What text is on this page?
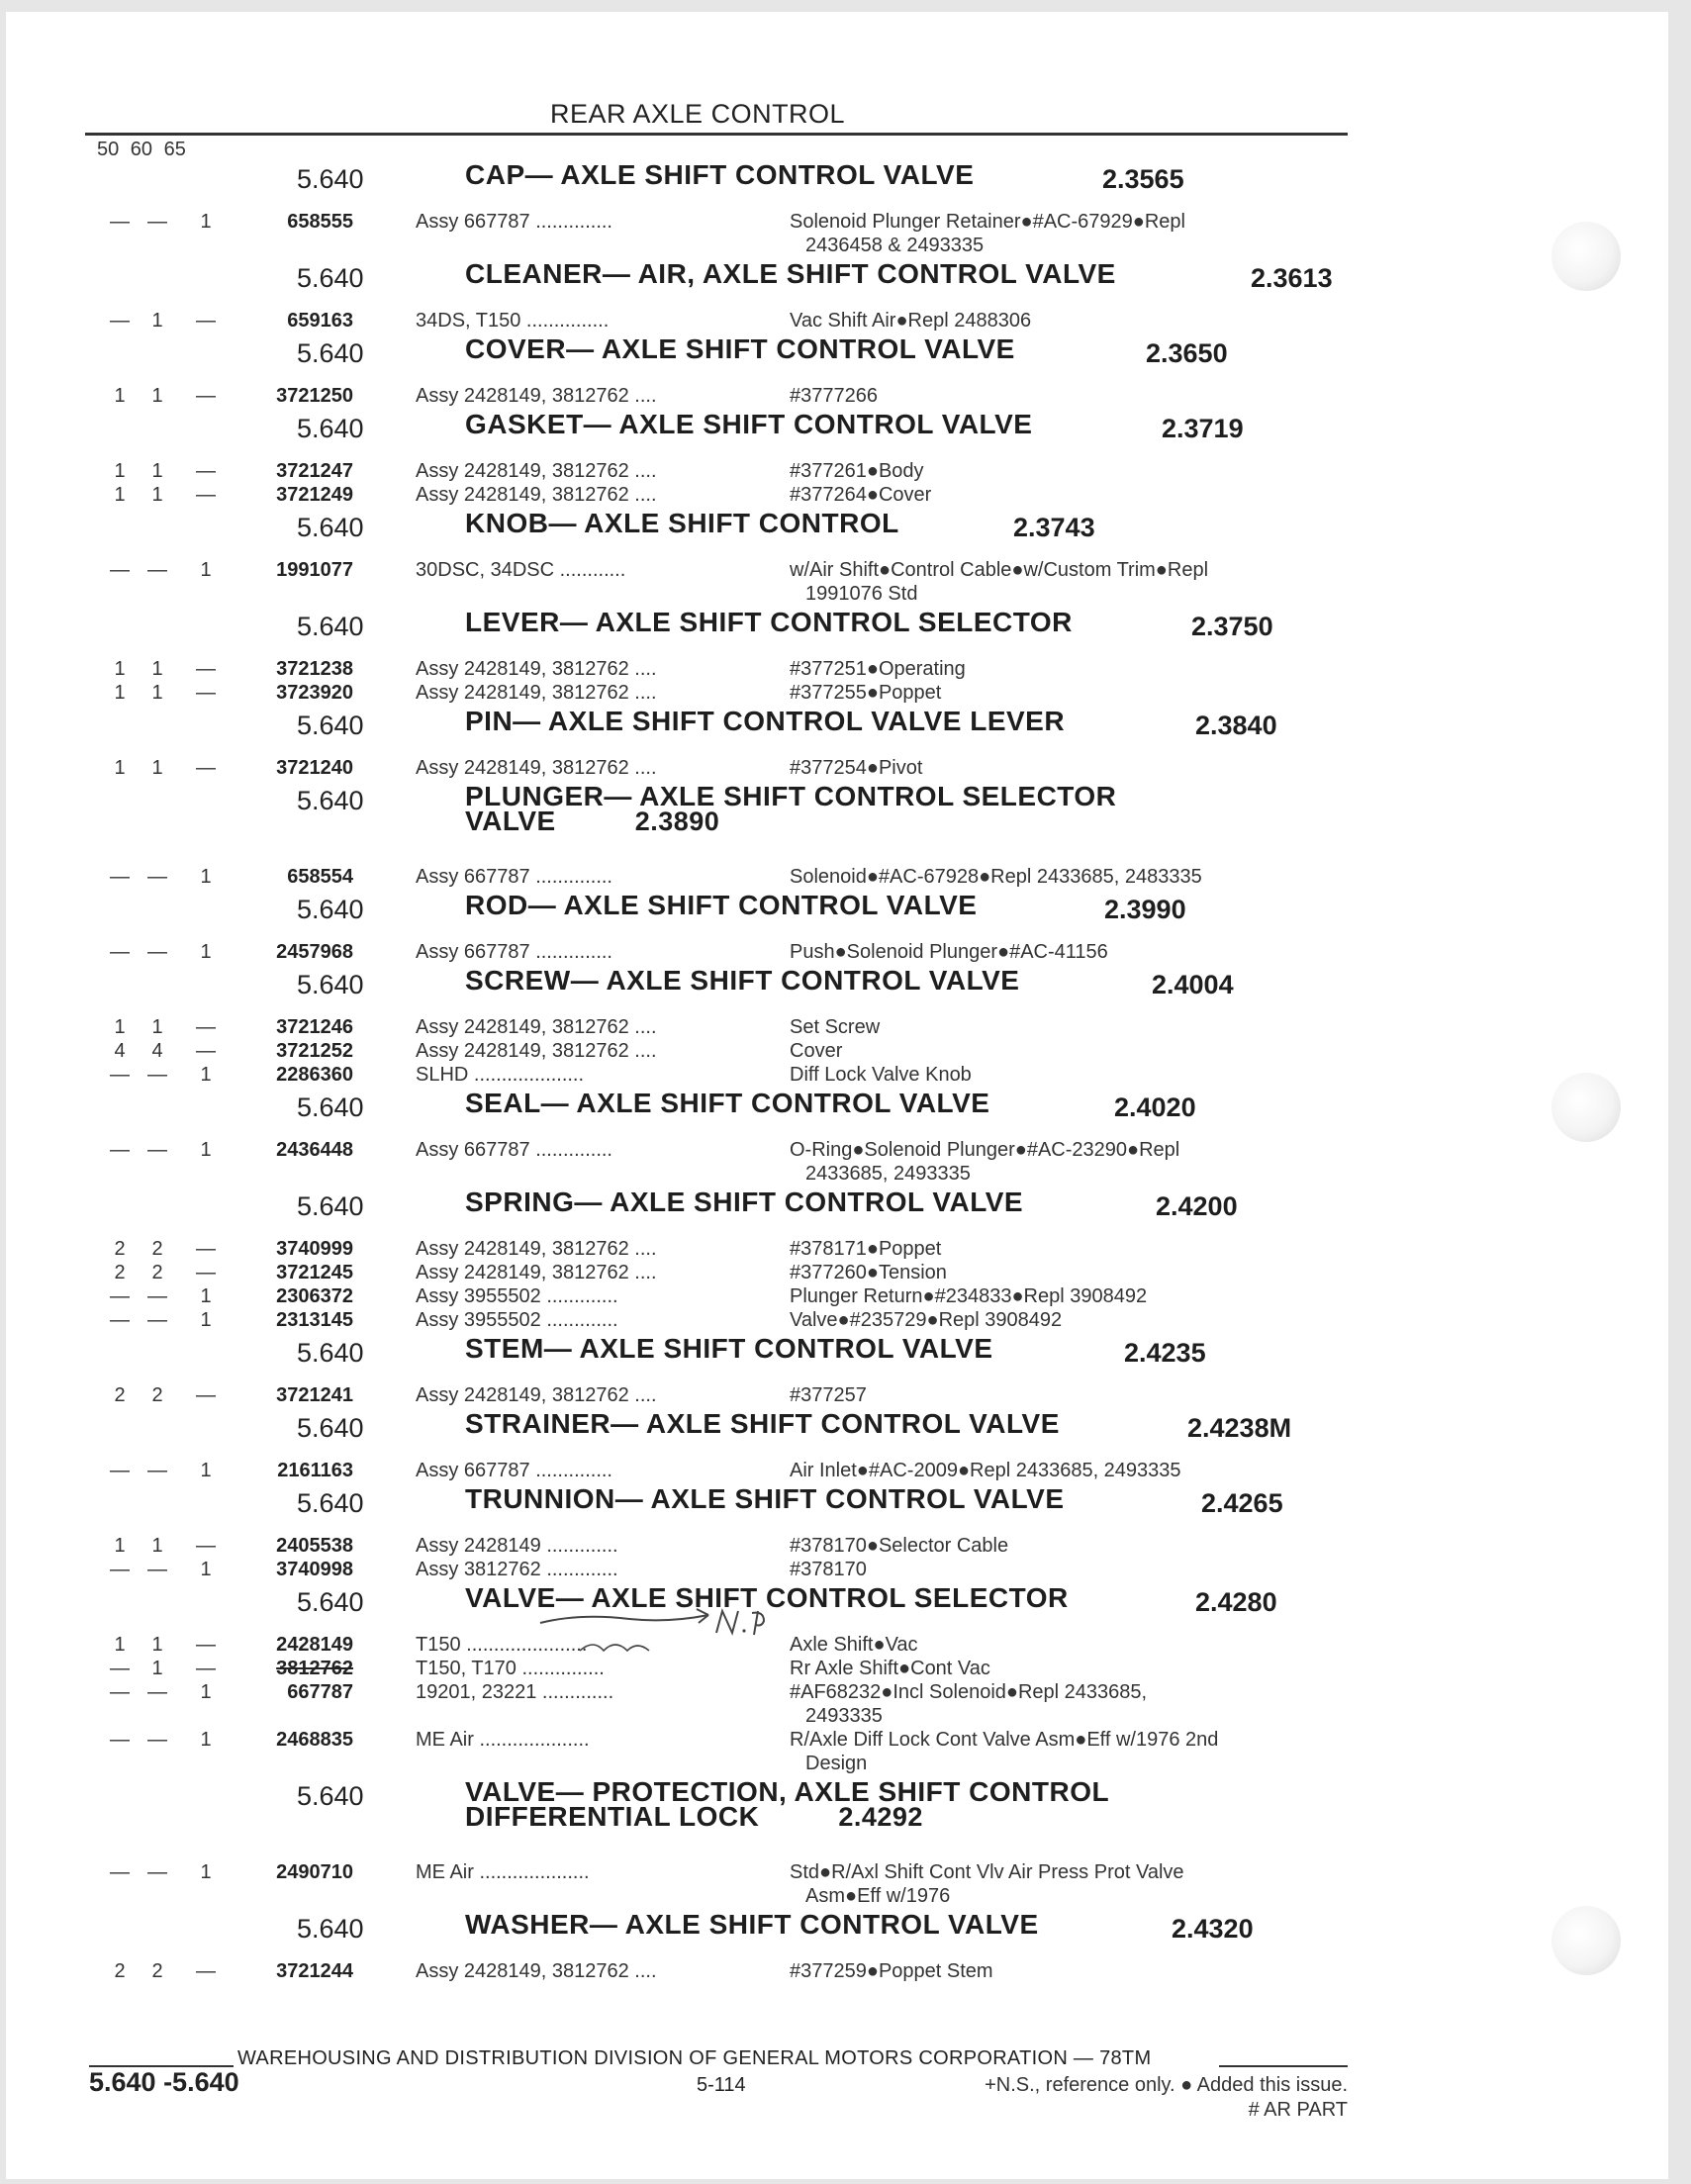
REAR AXLE CONTROL
50 60 65
5.640	CAP— AXLE SHIFT CONTROL VALVE	2.3565
— —	1	658555	Assy 667787 ..............	Solenoid Plunger Retainer●#AC-67929●Repl
2436458 & 2493335
5.640	CLEANER— AIR, AXLE SHIFT CONTROL VALVE	2.3613
—	1	—	659163	34DS, T150 ...............	Vac Shift Air●Repl 2488306
5.640	COVER— AXLE SHIFT CONTROL VALVE	2.3650
1	1	—	3721250	Assy 2428149, 3812762 ....	#3777266
5.640	GASKET— AXLE SHIFT CONTROL VALVE	2.3719
1	1	—	3721247	Assy 2428149, 3812762 ....	#377261●Body
1	1	—	3721249	Assy 2428149, 3812762 ....	#377264●Cover
5.640	KNOB— AXLE SHIFT CONTROL	2.3743
— —	1	1991077	30DSC, 34DSC ............	w/Air Shift●Control Cable●w/Custom Trim●Repl
1991076 Std
5.640	LEVER— AXLE SHIFT CONTROL SELECTOR	2.3750
1	1	—	3721238	Assy 2428149, 3812762 ....	#377251●Operating
1	1	—	3723920	Assy 2428149, 3812762 ....	#377255●Poppet
5.640	PIN— AXLE SHIFT CONTROL VALVE LEVER	2.3840
1	1	—	3721240	Assy 2428149, 3812762 ....	#377254●Pivot
5.640	PLUNGER— AXLE SHIFT CONTROL SELECTOR
VALVE	2.3890
— —	1	658554	Assy 667787 ..............	Solenoid●#AC-67928●Repl 2433685, 2483335
5.640	ROD— AXLE SHIFT CONTROL VALVE	2.3990
— —	1	2457968	Assy 667787 ..............	Push●Solenoid Plunger●#AC-41156
5.640	SCREW— AXLE SHIFT CONTROL VALVE	2.4004
1	1	—	3721246	Assy 2428149, 3812762 ....	Set Screw
4	4	—	3721252	Assy 2428149, 3812762 ....	Cover
— —	1	2286360	SLHD ....................	Diff Lock Valve Knob
5.640	SEAL— AXLE SHIFT CONTROL VALVE	2.4020
— —	1	2436448	Assy 667787 ..............	O-Ring●Solenoid Plunger●#AC-23290●Repl
2433685, 2493335
5.640	SPRING— AXLE SHIFT CONTROL VALVE	2.4200
2	2	—	3740999	Assy 2428149, 3812762 ....	#378171●Poppet
2	2	—	3721245	Assy 2428149, 3812762 ....	#377260●Tension
— —	1	2306372	Assy 3955502 .............	Plunger Return●#234833●Repl 3908492
— —	1	2313145	Assy 3955502 .............	Valve●#235729●Repl 3908492
5.640	STEM— AXLE SHIFT CONTROL VALVE	2.4235
2	2	—	3721241	Assy 2428149, 3812762 ....	#377257
5.640	STRAINER— AXLE SHIFT CONTROL VALVE	2.4238M
— —	1	2161163	Assy 667787 ..............	Air Inlet●#AC-2009●Repl 2433685, 2493335
5.640	TRUNNION— AXLE SHIFT CONTROL VALVE	2.4265
1	1	—	2405538	Assy 2428149 .............	#378170●Selector Cable
— —	1	3740998	Assy 3812762 .............	#378170
5.640	VALVE— AXLE SHIFT CONTROL SELECTOR	2.4280
1	1	—	2428149	T150 ......................	Axle Shift●Vac
—	1	—	3812762	T150, T170 ...............	Rr Axle Shift●Cont Vac
— —	1	667787	19201, 23221 .............	#AF68232●Incl Solenoid●Repl 2433685,
2493335
— —	1	2468835	ME Air ....................	R/Axle Diff Lock Cont Valve Asm●Eff w/1976 2nd
Design
5.640	VALVE— PROTECTION, AXLE SHIFT CONTROL
DIFFERENTIAL LOCK	2.4292
— —	1	2490710	ME Air ....................	Std●R/Axl Shift Cont Vlv Air Press Prot Valve
Asm●Eff w/1976
5.640	WASHER— AXLE SHIFT CONTROL VALVE	2.4320
2	2	—	3721244	Assy 2428149, 3812762 ....	#377259●Poppet Stem
WAREHOUSING AND DISTRIBUTION DIVISION OF GENERAL MOTORS CORPORATION — 78TM
5.640 -5.640	5-114	+N.S., reference only. ● Added this issue.
# AR PART
